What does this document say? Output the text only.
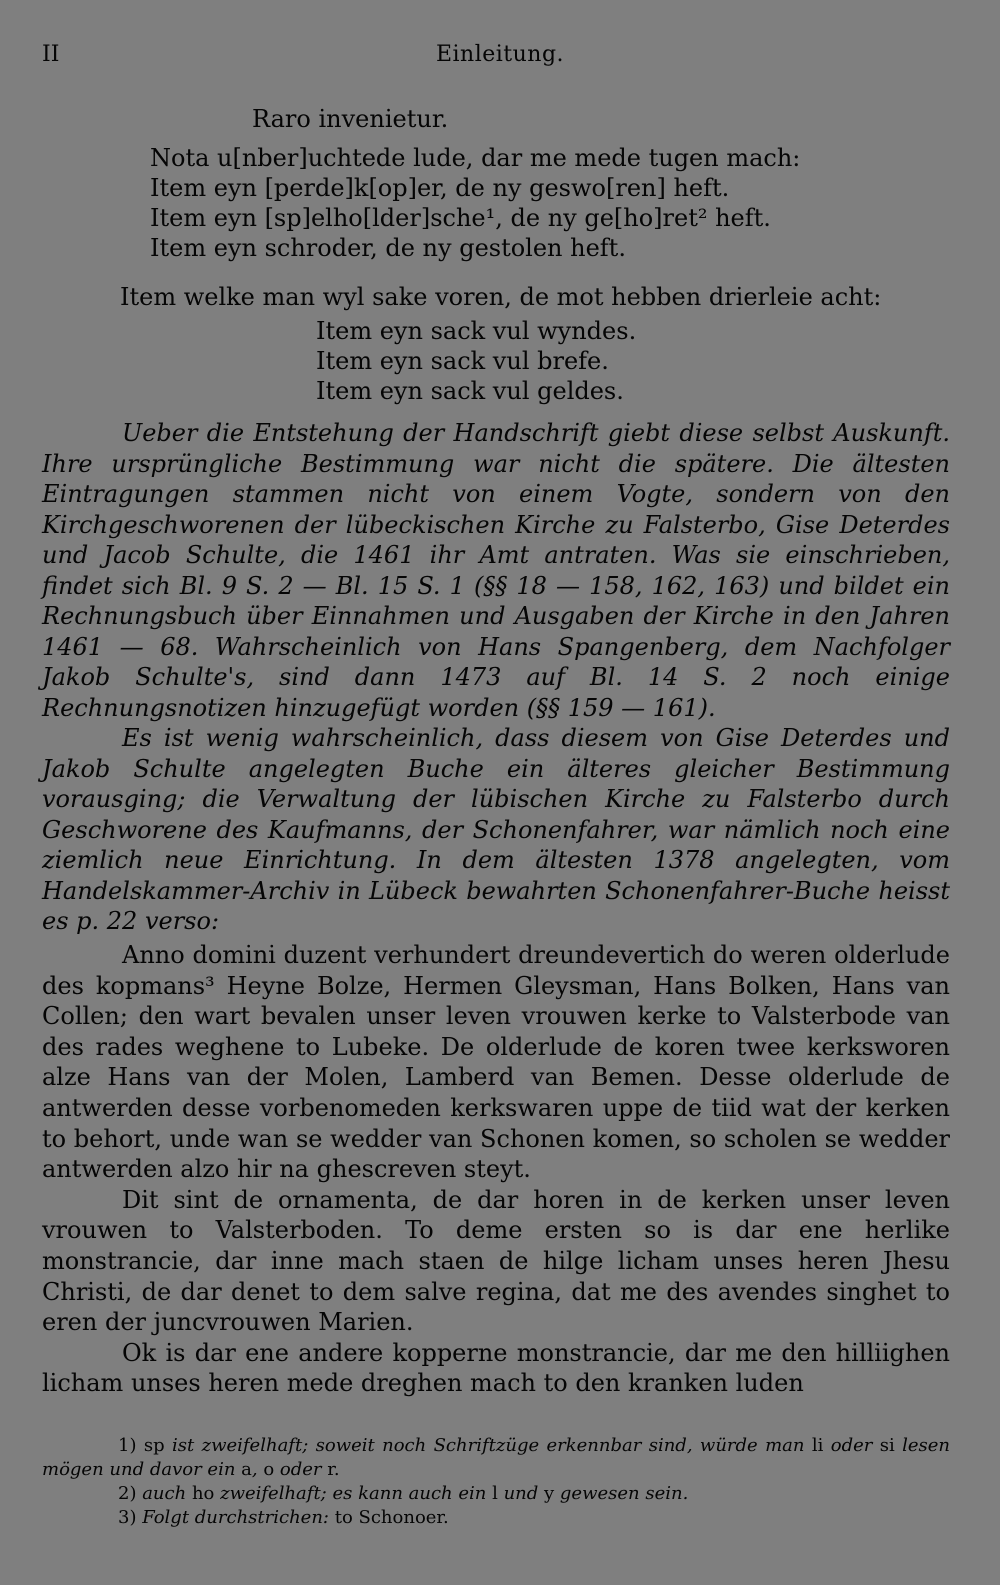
II	Einleitung.
Raro invenietur.
Nota u[nber]uchtede lude, dar me mede tugen mach:
Item eyn [perde]k[op]er, de ny geswo[ren] heft.
Item eyn [sp]elho[lder]sche¹, de ny ge[ho]ret² heft.
Item eyn schroder, de ny gestolen heft.
Item welke man wyl sake voren, de mot hebben drierleie acht:
Item eyn sack vul wyndes.
Item eyn sack vul brefe.
Item eyn sack vul geldes.

Ueber die Entstehung der Handschrift giebt diese selbst Auskunft. Ihre ursprüngliche Bestimmung war nicht die spätere. Die ältesten Eintragungen stammen nicht von einem Vogte, sondern von den Kirchgeschworenen der lübeckischen Kirche zu Falsterbo, Gise Deterdes und Jacob Schulte, die 1461 ihr Amt antraten. Was sie einschrieben, findet sich Bl. 9 S. 2 — Bl. 15 S. 1 (§§ 18 — 158, 162, 163) und bildet ein Rechnungsbuch über Einnahmen und Ausgaben der Kirche in den Jahren 1461 — 68. Wahrscheinlich von Hans Spangenberg, dem Nachfolger Jakob Schulte's, sind dann 1473 auf Bl. 14 S. 2 noch einige Rechnungsnotizen hinzugefügt worden (§§ 159 — 161).

Es ist wenig wahrscheinlich, dass diesem von Gise Deterdes und Jakob Schulte angelegten Buche ein älteres gleicher Bestimmung vorausging; die Verwaltung der lübischen Kirche zu Falsterbo durch Geschworene des Kaufmanns, der Schonenfahrer, war nämlich noch eine ziemlich neue Einrichtung. In dem ältesten 1378 angelegten, vom Handelskammer-Archiv in Lübeck bewahrten Schonenfahrer-Buche heisst es p. 22 verso:

Anno domini duzent verhundert dreundevertich do weren olderlude des kopmans³ Heyne Bolze, Hermen Gleysman, Hans Bolken, Hans van Collen; den wart bevalen unser leven vrouwen kerke to Valsterbode van des rades weghene to Lubeke. De olderlude de koren twee kerksworen alze Hans van der Molen, Lamberd van Bemen. Desse olderlude de antwerden desse vorbenomeden kerkswaren uppe de tiid wat der kerken to behort, unde wan se wedder van Schonen komen, so scholen se wedder antwerden alzo hir na ghescreven steyt.

Dit sint de ornamenta, de dar horen in de kerken unser leven vrouwen to Valsterboden. To deme ersten so is dar ene herlike monstrancie, dar inne mach staen de hilge licham unses heren Jhesu Christi, de dar denet to dem salve regina, dat me des avendes singhet to eren der juncvrouwen Marien.

Ok is dar ene andere kopperne monstrancie, dar me den hilliighen licham unses heren mede dreghen mach to den kranken luden

1) sp ist zweifelhaft; soweit noch Schriftzüge erkennbar sind, würde man li oder si lesen mögen und davor ein a, o oder r.

2) auch ho zweifelhaft; es kann auch ein l und y gewesen sein.

3) Folgt durchstrichen: to Schonoer.
